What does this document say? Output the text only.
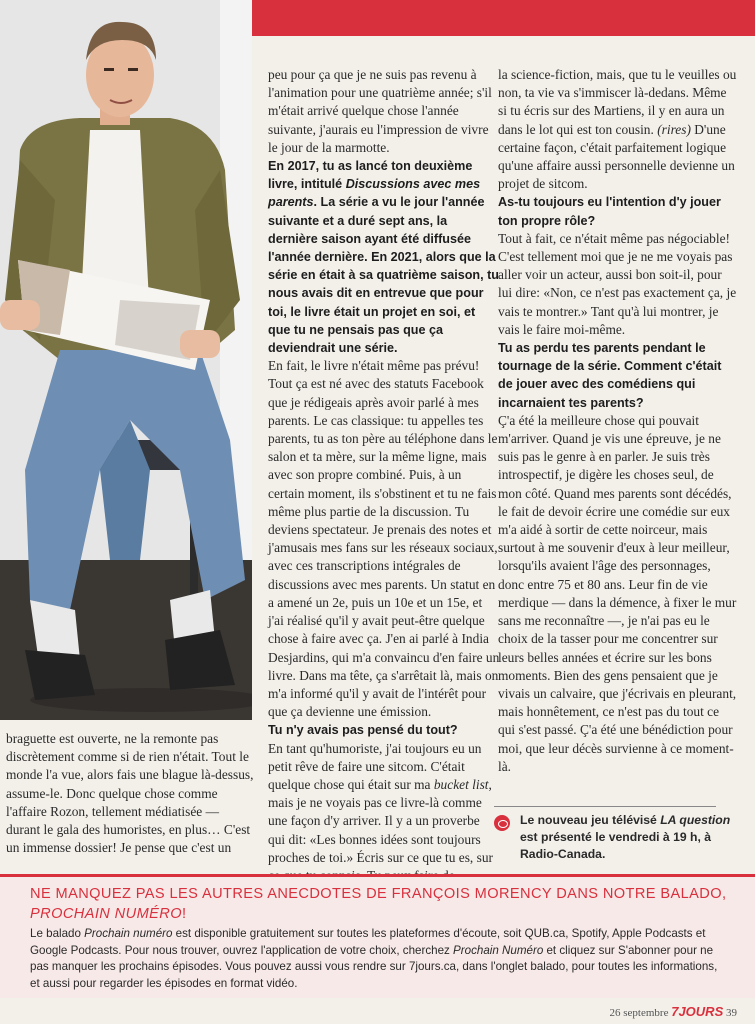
peu pour ça que je ne suis pas revenu à l'animation pour une quatrième année; s'il m'était arrivé quelque chose l'année suivante, j'aurais eu l'impression de vivre le jour de la marmotte.

En 2017, tu as lancé ton deuxième livre, intitulé Discussions avec mes parents. La série a vu le jour l'année suivante et a duré sept ans, la dernière saison ayant été diffusée l'année dernière. En 2021, alors que la série en était à sa quatrième saison, tu nous avais dit en entrevue que pour toi, le livre était un projet en soi, et que tu ne pensais pas que ça deviendrait une série.

En fait, le livre n'était même pas prévu! Tout ça est né avec des statuts Facebook que je rédigeais après avoir parlé à mes parents. Le cas classique: tu appelles tes parents, tu as ton père au téléphone dans le salon et ta mère, sur la même ligne, mais avec son propre combiné. Puis, à un certain moment, ils s'obstinent et tu ne fais même plus partie de la discussion. Tu deviens spectateur. Je prenais des notes et j'amusais mes fans sur les réseaux sociaux, avec ces transcriptions intégrales de discussions avec mes parents. Un statut en a amené un 2e, puis un 10e et un 15e, et j'ai réalisé qu'il y avait peut-être quelque chose à faire avec ça. J'en ai parlé à India Desjardins, qui m'a convaincu d'en faire un livre. Dans ma tête, ça s'arrêtait là, mais on m'a informé qu'il y avait de l'intérêt pour que ça devienne une émission.

Tu n'y avais pas pensé du tout?

En tant qu'humoriste, j'ai toujours eu un petit rêve de faire une sitcom. C'était quelque chose qui était sur ma bucket list, mais je ne voyais pas ce livre-là comme une façon d'y arriver. Il y a un proverbe qui dit: «Les bonnes idées sont toujours proches de toi.» Écris sur ce que tu es, sur

la science-fiction, mais, que tu le veuilles ou non, ta vie va s'immiscer là-dedans. Même si tu écris sur des Martiens, il y en aura un dans le lot qui est ton cousin. (rires) D'une certaine façon, c'était parfaitement logique qu'une affaire aussi personnelle devienne un projet de sitcom.

As-tu toujours eu l'intention d'y jouer ton propre rôle?

Tout à fait, ce n'était même pas négociable! C'est tellement moi que je ne me voyais pas aller voir un acteur, aussi bon soit-il, pour lui dire: «Non, ce n'est pas exactement ça, je vais te montrer.» Tant qu'à lui montrer, je vais le faire moi-même.

Tu as perdu tes parents pendant le tournage de la série. Comment c'était de jouer avec des comédiens qui incarnaient tes parents?

Ç'a été la meilleure chose qui pouvait m'arriver. Quand je vis une épreuve, je ne suis pas le genre à en parler. Je suis très introspectif, je digère les choses seul, de mon côté. Quand mes parents sont décédés, le fait de devoir écrire une comédie sur eux m'a aidé à sortir de cette noirceur, mais surtout à me souvenir d'eux à leur meilleur, lorsqu'ils avaient l'âge des personnages, donc entre 75 et 80 ans. Leur fin de vie merdique — dans la démence, à fixer le mur sans me reconnaître —, je n'ai pas eu le choix de la tasser pour me concentrer sur leurs belles années et écrire sur les bons moments. Bien des gens pensaient que je vivais un calvaire, que j'écrivais en pleurant, mais honnêtement, ce n'est pas du tout ce qui s'est passé. Ç'a été une bénédiction pour moi, que leur décès survienne à ce moment-là.

Le nouveau jeu télévisé LA question est présenté le vendredi à 19 h, à Radio-Canada.

braguette est ouverte, ne la remonte pas discrètement comme si de rien n'était. Tout le monde l'a vue, alors fais une blague là-dessus, assume-le. Donc quelque chose comme l'affaire Rozon, tellement médiatisée — durant le gala des humoristes, en plus… C'est un immense dossier! Je pense que c'est un

NE MANQUEZ PAS LES AUTRES ANECDOTES DE FRANÇOIS MORENCY DANS NOTRE BALADO, PROCHAIN NUMÉRO!
Le balado Prochain numéro est disponible gratuitement sur toutes les plateformes d'écoute, soit QUB.ca, Spotify, Apple Podcasts et Google Podcasts. Pour nous trouver, ouvrez l'application de votre choix, cherchez Prochain Numéro et cliquez sur S'abonner pour ne pas manquer les prochains épisodes. Vous pouvez aussi vous rendre sur 7jours.ca, dans l'onglet balado, pour toutes les informations, et aussi pour regarder les épisodes en format vidéo.
26 septembre 7JOURS 39
